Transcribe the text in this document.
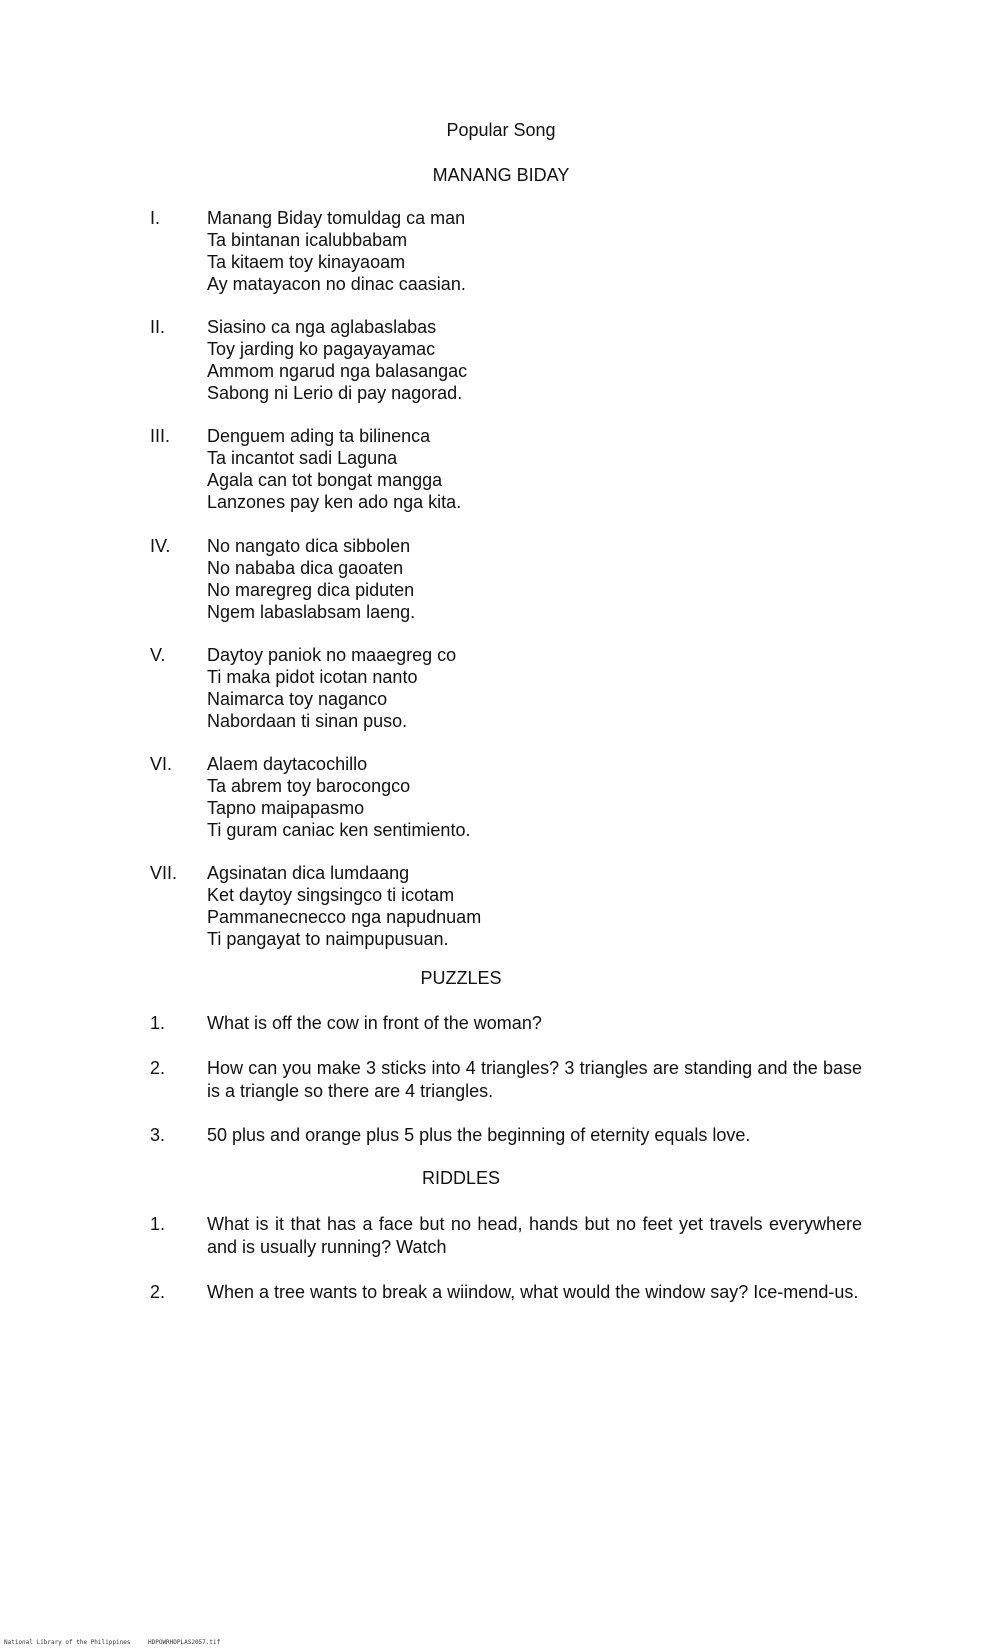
Popular Song
MANANG BIDAY
I.	Manang Biday tomuldag ca man
Ta bintanan icalubbabam
Ta kitaem toy kinayaoam
Ay matayacon no dinac caasian.
II. Siasino ca nga aglabaslabas
Toy jarding ko pagayayamac
Ammom ngarud nga balasangac
Sabong ni Lerio di pay nagorad.
III. Denguem ading ta bilinenca
Ta incantot sadi Laguna
Agala can tot bongat mangga
Lanzones pay ken ado nga kita.
IV. No nangato dica sibbolen
No nababa dica gaoaten
No maregreg dica piduten
Ngem labaslabsam laeng.
V. Daytoy paniok no maaegreg co
Ti maka pidot icotan nanto
Naimarca toy naganco
Nabordaan ti sinan puso.
VI. Alaem daytacochillo
Ta abrem toy barocongco
Tapno maipapasmo
Ti guram caniac ken sentimiento.
VII. Agsinatan dica lumdaang
Ket daytoy singsingco ti icotam
Pammanecnecco nga napudnuam
Ti pangayat to naimpupusuan.
PUZZLES
1. What is off the cow in front of the woman?
2. How can you make 3 sticks into 4 triangles? 3 triangles are standing and the base is a triangle so there are 4 triangles.
3. 50 plus and orange plus 5 plus the beginning of eternity equals love.
RIDDLES
1. What is it that has a face but no head, hands but no feet yet travels everywhere and is usually running? Watch
2. When a tree wants to break a wiindow, what would the window say? Ice-mend-us.
National Library of the Philippines	HDPOWRHDPLAS2057.tif
